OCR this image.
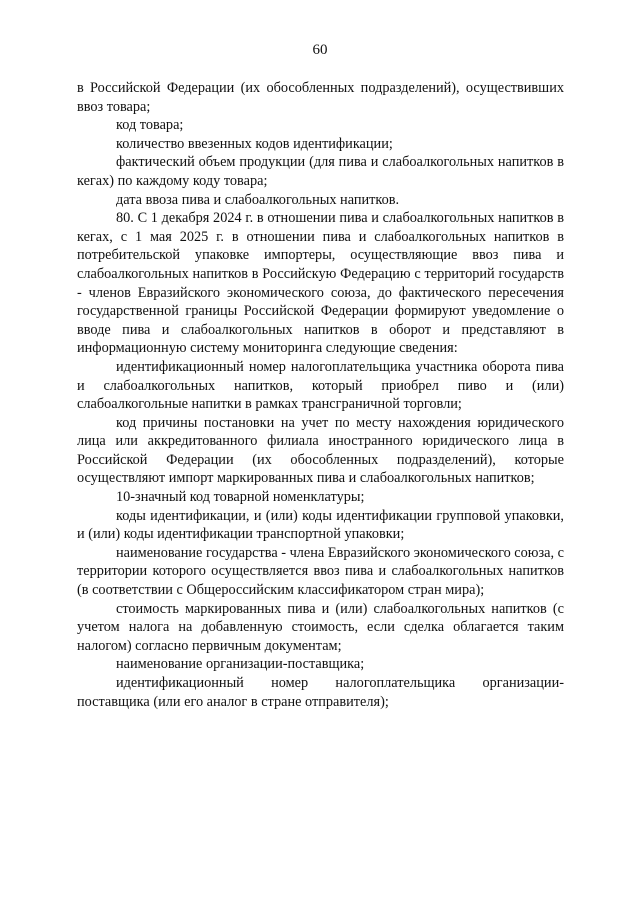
60

в Российской Федерации (их обособленных подразделений), осуществивших ввоз товара;

код товара;

количество ввезенных кодов идентификации;

фактический объем продукции (для пива и слабоалкогольных напитков в кегах) по каждому коду товара;

дата ввоза пива и слабоалкогольных напитков.

80. С 1 декабря 2024 г. в отношении пива и слабоалкогольных напитков в кегах, с 1 мая 2025 г. в отношении пива и слабоалкогольных напитков в потребительской упаковке импортеры, осуществляющие ввоз пива и слабоалкогольных напитков в Российскую Федерацию с территорий государств - членов Евразийского экономического союза, до фактического пересечения государственной границы Российской Федерации формируют уведомление о вводе пива и слабоалкогольных напитков в оборот и представляют в информационную систему мониторинга следующие сведения:

идентификационный номер налогоплательщика участника оборота пива и слабоалкогольных напитков, который приобрел пиво и (или) слабоалкогольные напитки в рамках трансграничной торговли;

код причины постановки на учет по месту нахождения юридического лица или аккредитованного филиала иностранного юридического лица в Российской Федерации (их обособленных подразделений), которые осуществляют импорт маркированных пива и слабоалкогольных напитков;

10-значный код товарной номенклатуры;

коды идентификации, и (или) коды идентификации групповой упаковки, и (или) коды идентификации транспортной упаковки;

наименование государства - члена Евразийского экономического союза, с территории которого осуществляется ввоз пива и слабоалкогольных напитков (в соответствии с Общероссийским классификатором стран мира);

стоимость маркированных пива и (или) слабоалкогольных напитков (с учетом налога на добавленную стоимость, если сделка облагается таким налогом) согласно первичным документам;

наименование организации-поставщика;

идентификационный номер налогоплательщика организации-поставщика (или его аналог в стране отправителя);
